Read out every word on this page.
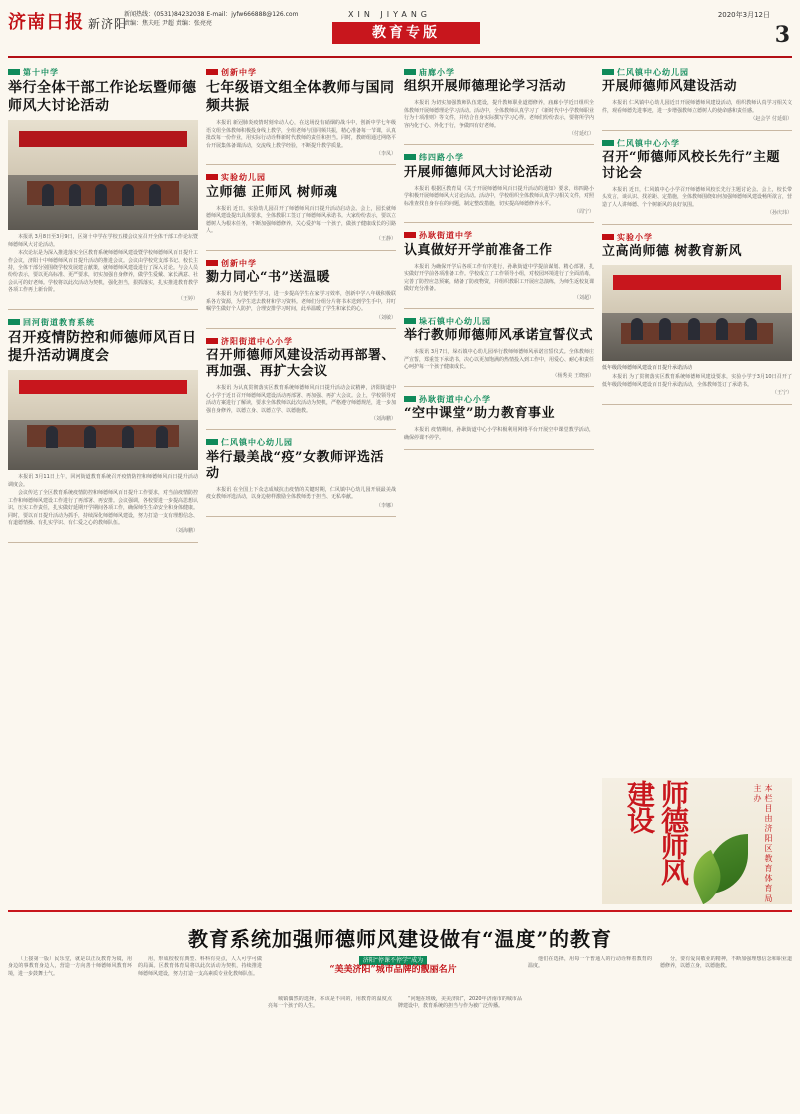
济南日报 新济阳
新闻热线：(0531)84232038 E-mail：jyfw666888@126.com
责编：焦夫旺 尹超 责编：张亮亮
XIN JIYANG
教育专版
2020年3月12日
3
第十中学
举行全体干部工作论坛暨师德师风大讨论活动

本报讯 3月8日至3月9日，区第十中学在学校五楼会议室召开全体干部工作论坛暨师德师风大讨论活动。

本次论坛是为深入推进落实全区教育系统师德师风建设暨学校师德师风百日提升工作会议，济阳十中师德师风百日提升活动的推进会议。会议由学校党支部书记、校长主持，全体干部分别围绕学校发展建言献策，就师德师风建设进行了深入讨论。与会人员纷纷表示，要以更高标准、更严要求，切实加强自身修养，做学生爱戴、家长满意、社会认可的好老师。学校将以此次活动为契机，强化担当，狠抓落实，扎实推进教育教学各项工作再上新台阶。

（王婷）
回河街道教育系统
召开疫情防控和师德师风百日提升活动调度会

本报讯 3月11日上午，回河街道教育系统召开疫情防控和师德师风百日提升活动调度会。

会议传达了全区教育系统疫情防控和师德师风百日提升工作要求，对当前疫情防控工作和师德师风建设工作进行了再部署、再安排。会议强调，各校要进一步提高思想认识，压实工作责任，扎实做好延期开学期间各项工作，确保师生生命安全和身体健康。同时，要以百日提升活动为抓手，持续深化师德师风建设，努力打造一支有理想信念、有道德情操、有扎实学识、有仁爱之心的教师队伍。

（刘海鹏）
创新中学
七年级语文组全体教师与国同频共振

本报讯 新冠肺炎疫情时刻牵动人心，在这场没有硝烟的战斗中，创新中学七年级语文组全体教师积极投身线上教学，全组老师与国同频共振，精心准备每一节课，认真批改每一份作业，用实际行动诠释新时代教师的责任和担当。同时，教研组通过网络平台开展集体备课活动，交流线上教学经验，不断提升教学质量。

（李凤）
实验幼儿园
立师德 正师风 树师魂

本报讯 近日，实验幼儿园召开了师德师风百日提升活动启动会。会上，园长就师德师风建设提出具体要求，全体教职工签订了师德师风承诺书。大家纷纷表示，要以立德树人为根本任务，不断加强师德修养，关心爱护每一个孩子，做孩子健康成长的引路人。

（王静）
创新中学
勠力同心“书”送温暖

本报讯 为方便学生学习，进一步提高学生在家学习效率，创新中学八年级积极联系各方资源，为学生送去教材和学习资料。老师们分组分片将书本送到学生手中，并叮嘱学生做好个人防护，合理安排学习时间，此举温暖了学生和家长的心。

（刘敏）
济阳街道中心小学
召开师德师风建设活动再部署、再加强、再扩大会议

本报讯 为认真贯彻落实区教育系统师德师风百日提升活动会议精神，济阳街道中心小学于近日召开师德师风建设活动再部署、再加强、再扩大会议。会上，学校领导对活动方案进行了解读，要求全体教师以此次活动为契机，严格遵守师德规范，进一步加强自身修养，以德立身、以德立学、以德施教。

（刘海鹏）
仁风镇中心幼儿园
举行最美战“疫”女教师评选活动

本报讯 在全国上下众志成城抗击疫情的关键时期，仁风镇中心幼儿园开展最美战疫女教师评选活动，以身边榜样激励全体教师勇于担当、无私奉献。

（李娜）
庙廊小学
组织开展师德理论学习活动

本报讯 为切实加强教师队伍建设，提升教师职业道德修养，庙廊小学近日组织全体教师开展师德理论学习活动。活动中，全体教师认真学习了《新时代中小学教师职业行为十项准则》等文件，并结合自身实际撰写学习心得。老师们纷纷表示，要将所学内容内化于心、外化于行，争做四有好老师。

（付延红）
纬四路小学
开展师德师风大讨论活动

本报讯 根据区教育局《关于开展师德师风百日提升活动的通知》要求，纬四路小学积极开展师德师风大讨论活动。活动中，学校组织全体教师认真学习相关文件，对照标准查找自身存在的问题，制定整改措施，切实提高师德修养水平。

（周宁）
孙耿街道中学
认真做好开学前准备工作

本报讯 为确保开学后各项工作有序进行，孙耿街道中学提前谋划、精心部署，扎实做好开学前各项准备工作。学校成立了工作领导小组，对校园环境进行了全面消毒，完善了防控应急预案，储备了防疫物资，并组织教职工开展应急演练，为师生返校复课做好充分准备。

（刘超）
垛石镇中心幼儿园
举行教师师德师风承诺宣誓仪式

本报讯 3月7日，垛石镇中心幼儿园举行教师师德师风承诺宣誓仪式。全体教师庄严宣誓，郑重签下承诺书，决心以更加饱满的热情投入到工作中，用爱心、耐心和责任心呵护每一个孩子健康成长。

（杨秀美 王晓丽）
孙耿街道中心小学
“空中课堂”助力教育事业

本报讯 疫情期间，孙耿街道中心小学积极利用网络平台开展空中课堂教学活动，确保停课不停学。

仁风镇中心幼儿园
开展师德师风建设活动

本报讯 仁风镇中心幼儿园近日开展师德师风建设活动，组织教师认真学习相关文件，观看师德先进事迹，进一步增强教师立德树人的使命感和责任感。

（赵会学 付延娟）
仁风镇中心小学
召开“师德师风校长先行”主题讨论会

本报讯 近日，仁风镇中心小学召开师德师风校长先行主题讨论会。会上，校长带头发言，谈认识、找差距、定措施，全体教师围绕如何加强师德师风建设畅所欲言，营造了人人讲师德、个个树新风的良好氛围。

（孙庆玮）
实验小学
立高尚师德 树教育新风
低年级段师德师风建设百日提升承诺活动

本报讯 为了贯彻落实区教育系统师德师风建设要求，实验小学于3月10日召开了低年级段师德师风建设百日提升承诺活动，全体教师签订了承诺书。

（王宁）
师德师风建设	本栏目由济阳区教育体育局主办
教育系统加强师德师风建设做有“温度”的教育

（上接第一版）民乐堂，就是以正反教育为镜，用身边的事教育身边人，营造一方向善十师德师风教育环境，进一步鼓舞士气。

用，形成校校有典型、科科有亮点，人人可学可做的局面。区教育体育局将以此次活动为契机，持续推进师德师风建设，努力打造一支高素质专业化教师队伍。

城镇偶然的选择，本该是不同的，用教育的温度点亮每一个孩子的人生。

济阳“停课不停学”成为
“美美济阳”城市品牌的靓丽名片

“问题在班级，美美济阳”，2020年济南市的城市品牌建设中，教育系统的担当与作为被广泛传播。

他们在选择，用每一个普通人的行动诠释着教育的温度。

分，要有爱岗敬业的精神，不断加强理想信念和职业道德修养，以德立身，以德施教。
